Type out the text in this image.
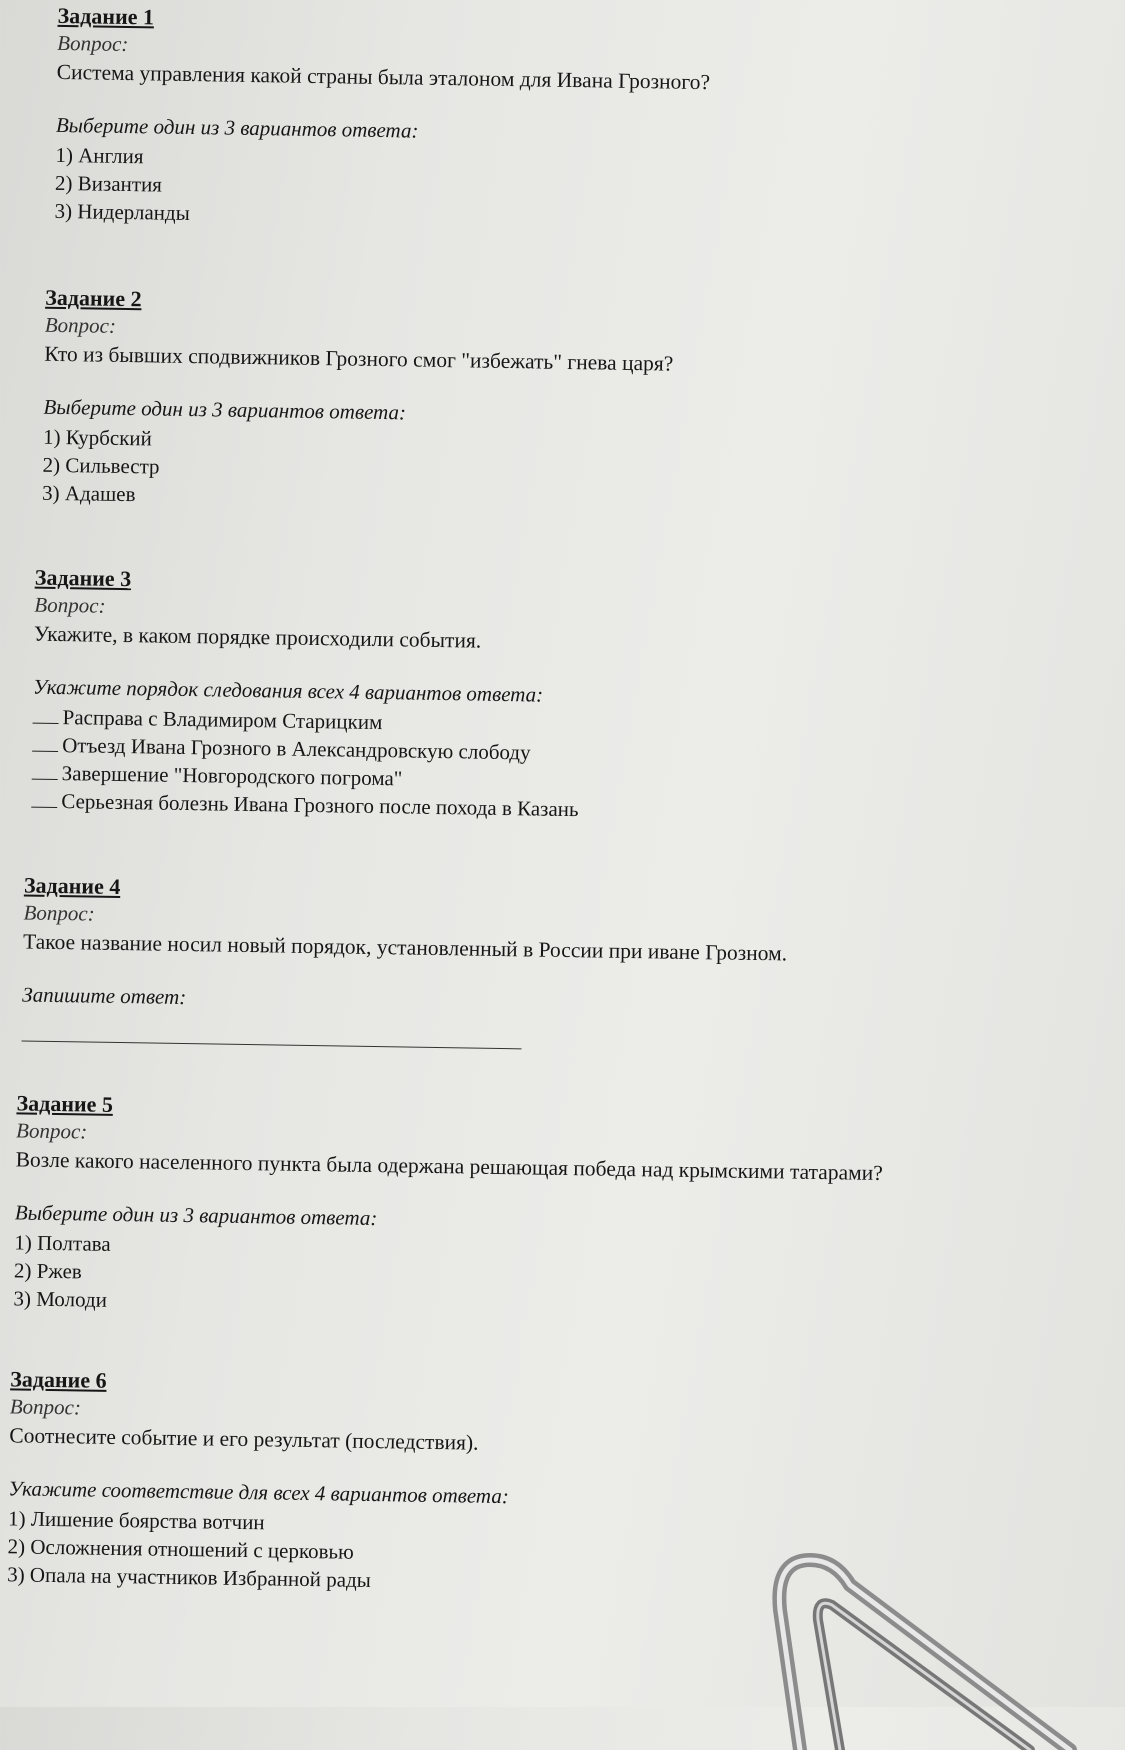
Задание 1
Вопрос:
Система управления какой страны была эталоном для Ивана Грозного?
Выберите один из 3 вариантов ответа:
1) Англия
2) Византия
3) Нидерланды
Задание 2
Вопрос:
Кто из бывших сподвижников Грозного смог "избежать" гнева царя?
Выберите один из 3 вариантов ответа:
1) Курбский
2) Сильвестр
3) Адашев
Задание 3
Вопрос:
Укажите, в каком порядке происходили события.
Укажите порядок следования всех 4 вариантов ответа:
Расправа с Владимиром Старицким
Отъезд Ивана Грозного в Александровскую слободу
Завершение "Новгородского погрома"
Серьезная болезнь Ивана Грозного после похода в Казань
Задание 4
Вопрос:
Такое название носил новый порядок, установленный в России при иване Грозном.
Запишите ответ:
Задание 5
Вопрос:
Возле какого населенного пункта была одержана решающая победа над крымскими татарами?
Выберите один из 3 вариантов ответа:
1) Полтава
2) Ржев
3) Молоди
Задание 6
Вопрос:
Соотнесите событие и его результат (последствия).
Укажите соответствие для всех 4 вариантов ответа:
1) Лишение боярства вотчин
2) Осложнения отношений с церковью
3) Опала на участников Избранной рады
